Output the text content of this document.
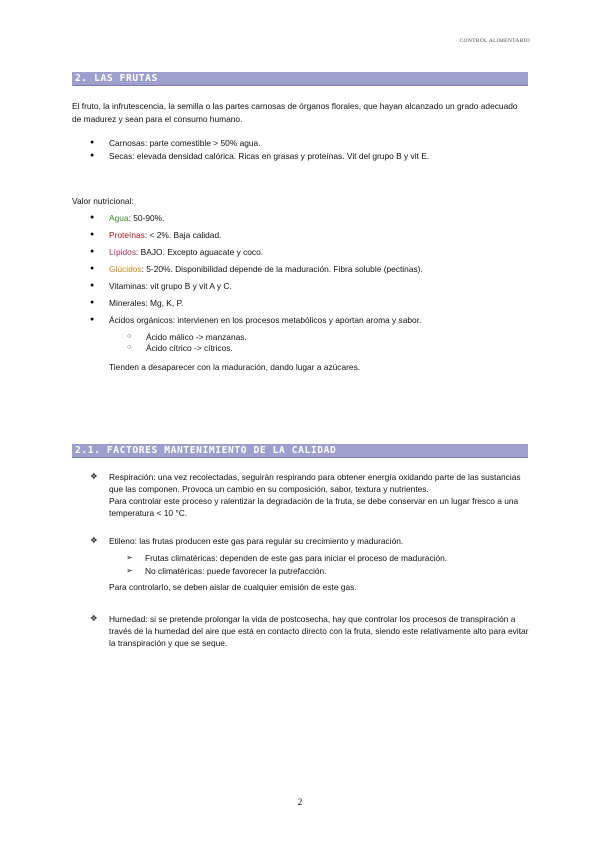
CONTROL ALIMENTARIO
2. LAS FRUTAS
El fruto, la infrutescencia, la semilla o las partes carnosas de órganos florales, que hayan alcanzado un grado adecuado de madurez y sean para el consumo humano.
● Carnosas: parte comestible > 50% agua.
● Secas: elevada densidad calórica. Ricas en grasas y proteínas. Vit del grupo B y vit E.
Valor nutricional:
● Agua: 50-90%.
● Proteínas: < 2%. Baja calidad.
● Lípidos: BAJO. Excepto aguacate y coco.
● Glúcidos: 5-20%. Disponibilidad depende de la maduración. Fibra soluble (pectinas).
● Vitaminas: vit grupo B y vit A y C.
● Minerales: Mg, K, P.
● Ácidos orgánicos: intervienen en los procesos metabólicos y aportan aroma y sabor.
○ Ácido málico -> manzanas.
○ Ácido cítrico -> cítricos.
Tienden a desaparecer con la maduración, dando lugar a azúcares.
2.1. FACTORES MANTENIMIENTO DE LA CALIDAD
❖ Respiración: una vez recolectadas, seguirán respirando para obtener energía oxidando parte de las sustancias que las componen. Provoca un cambio en su composición, sabor, textura y nutrientes.
Para controlar este proceso y ralentizar la degradación de la fruta, se debe conservar en un lugar fresco a una temperatura < 10 °C.
❖ Etileno: las frutas producen este gas para regular su crecimiento y maduración.
➢ Frutas climatéricas: dependen de este gas para iniciar el proceso de maduración.
➢ No climatéricas: puede favorecer la putrefacción.
Para controlarlo, se deben aislar de cualquier emisión de este gas.
❖ Humedad: si se pretende prolongar la vida de postcosecha, hay que controlar los procesos de transpiración a través de la humedad del aire que está en contacto directo con la fruta, siendo este relativamente alto para evitar la transpiración y que se seque.
2
